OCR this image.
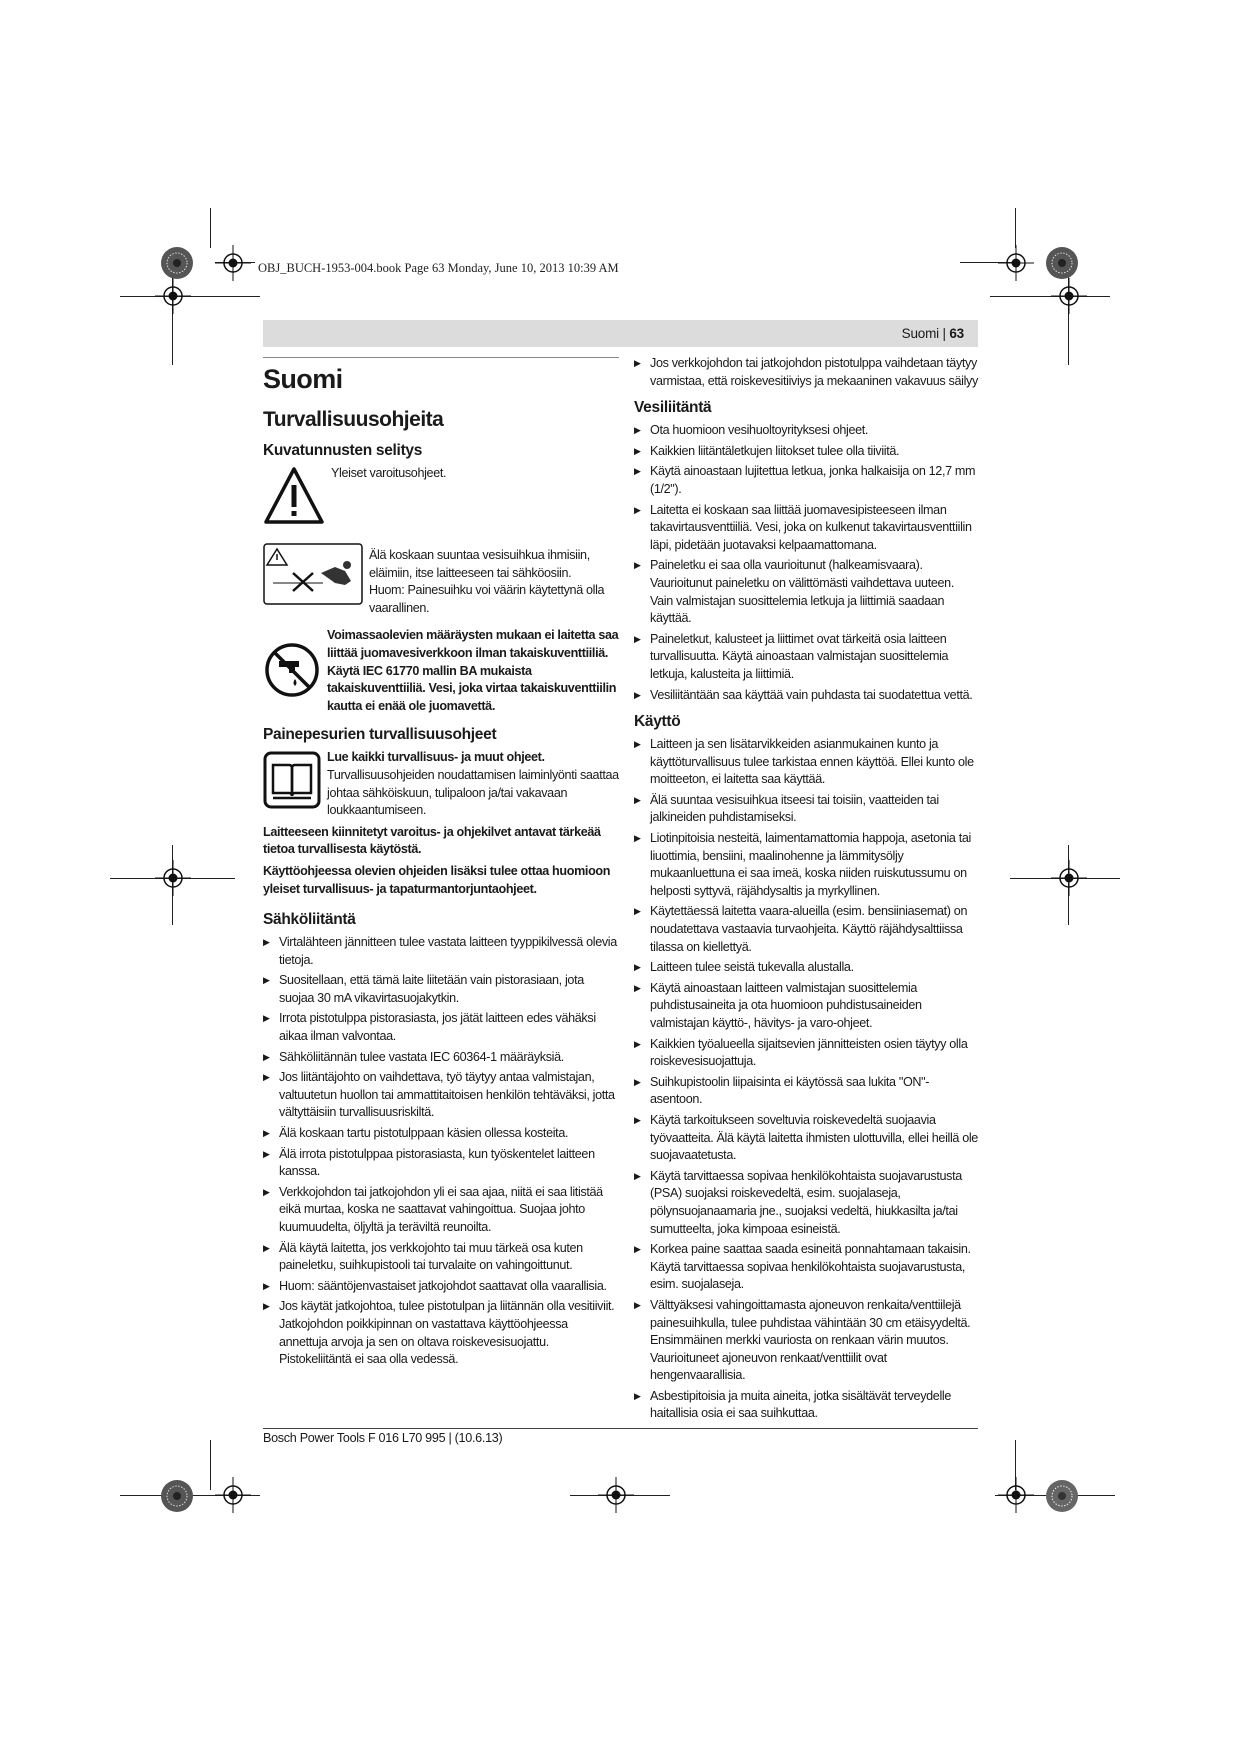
OBJ_BUCH-1953-004.book Page 63 Monday, June 10, 2013 10:39 AM
Suomi | 63
Suomi
Turvallisuusohjeita
Kuvatunnusten selitys

Yleiset varoitusohjeet.

Älä koskaan suuntaa vesisuihkua ihmisiin, eläimiin, itse laitteeseen tai sähköosiin.

Huom: Painesuihku voi väärin käytettynä olla vaarallinen.

Voimassaolevien määräysten mukaan ei laitetta saa liittää juomavesiverkkoon ilman takaiskuventtiiliä. Käytä IEC 61770 mallin BA mukaista takaiskuventtiiliä. Vesi, joka virtaa takaiskuventtiilin kautta ei enää ole juomavettä.

Painepesurien turvallisuusohjeet

Lue kaikki turvallisuus- ja muut ohjeet. Turvallisuusohjeiden noudattamisen laiminlyönti saattaa johtaa sähköiskuun, tulipaloon ja/tai vakavaan loukkaantumiseen.

Laitteeseen kiinnitetyt varoitus- ja ohjekilvet antavat tärkeää tietoa turvallisesta käytöstä.

Käyttöohjeessa olevien ohjeiden lisäksi tulee ottaa huomioon yleiset turvallisuus- ja tapaturmantorjuntaohjeet.

Sähköliitäntä
▶ Virtalähteen jännitteen tulee vastata laitteen tyyppikilvessä olevia tietoja.
▶ Suositellaan, että tämä laite liitetään vain pistorasiaan, jota suojaa 30 mA vikavirtasuojakytkin.
▶ Irrota pistotulppa pistorasiasta, jos jätät laitteen edes vähäksi aikaa ilman valvontaa.
▶ Sähköliitännän tulee vastata IEC 60364-1 määräyksiä.
▶ Jos liitäntäjohto on vaihdettava, työ täytyy antaa valmistajan, valtuutetun huollon tai ammattitaitoisen henkilön tehtäväksi, jotta vältyttäisiin turvallisuusriskiltä.
▶ Älä koskaan tartu pistotulppaan käsien ollessa kosteita.
▶ Älä irrota pistotulppaa pistorasiasta, kun työskentelet laitteen kanssa.
▶ Verkkojohdon tai jatkojohdon yli ei saa ajaa, niitä ei saa litistää eikä murtaa, koska ne saattavat vahingoittua. Suojaa johto kuumuudelta, öljyltä ja teräviltä reunoilta.
▶ Älä käytä laitetta, jos verkkojohto tai muu tärkeä osa kuten paineletku, suihkupistooli tai turvalaite on vahingoittunut.
▶ Huom: sääntöjenvastaiset jatkojohdot saattavat olla vaarallisia.
▶ Jos käytät jatkojohtoa, tulee pistotulpan ja liitännän olla vesitiiviit. Jatkojohdon poikkipinnan on vastattava käyttöohjeessa annettuja arvoja ja sen on oltava roiskevesisuojattu. Pistokeliitäntä ei saa olla vedessä.
▶ Jos verkkojohdon tai jatkojohdon pistotulppa vaihdetaan täytyy varmistaa, että roiskevesitiiviys ja mekaaninen vakavuus säilyy
Vesiliitäntä
▶ Ota huomioon vesihuoltoyrityksesi ohjeet.
▶ Kaikkien liitäntäletkujen liitokset tulee olla tiiviitä.
▶ Käytä ainoastaan lujitettua letkua, jonka halkaisija on 12,7 mm (1/2").
▶ Laitetta ei koskaan saa liittää juomavesipisteeseen ilman takavirtausventtiiliä. Vesi, joka on kulkenut takavirtausventtiilin läpi, pidetään juotavaksi kelpaamattomana.
▶ Paineletku ei saa olla vaurioitunut (halkeamisvaara). Vaurioitunut paineletku on välittömästi vaihdettava uuteen. Vain valmistajan suosittelemia letkuja ja liittimiä saadaan käyttää.
▶ Paineletkut, kalusteet ja liittimet ovat tärkeitä osia laitteen turvallisuutta. Käytä ainoastaan valmistajan suosittelemia letkuja, kalusteita ja liittimiä.
▶ Vesiliitäntään saa käyttää vain puhdasta tai suodatettua vettä.
Käyttö
▶ Laitteen ja sen lisätarvikkeiden asianmukainen kunto ja käyttöturvallisuus tulee tarkistaa ennen käyttöä. Ellei kunto ole moitteeton, ei laitetta saa käyttää.
▶ Älä suuntaa vesisuihkua itseesi tai toisiin, vaatteiden tai jalkineiden puhdistamiseksi.
▶ Liotinpitoisia nesteitä, laimentamattomia happoja, asetonia tai liuottimia, bensiini, maalinohenne ja lämmitysöljy mukaanluettuna ei saa imeä, koska niiden ruiskutussumu on helposti syttyvä, räjähdysaltis ja myrkyllinen.
▶ Käytettäessä laitetta vaara-alueilla (esim. bensiiniasemat) on noudatettava vastaavia turvaohjeita. Käyttö räjähdysalttiissa tilassa on kiellettyä.
▶ Laitteen tulee seistä tukevalla alustalla.
▶ Käytä ainoastaan laitteen valmistajan suosittelemia puhdistusaineita ja ota huomioon puhdistusaineiden valmistajan käyttö-, hävitys- ja varo-ohjeet.
▶ Kaikkien työalueella sijaitsevien jännitteisten osien täytyy olla roiskevesisuojattuja.
▶ Suihkupistoolin liipaisinta ei käytössä saa lukita "ON"-asentoon.
▶ Käytä tarkoitukseen soveltuvia roiskevedeltä suojaavia työvaatteita. Älä käytä laitetta ihmisten ulottuvilla, ellei heillä ole suojavaatetusta.
▶ Käytä tarvittaessa sopivaa henkilökohtaista suojavarustusta (PSA) suojaksi roiskevedeltä, esim. suojalaseja, pölynsuojanaamaria jne., suojaksi vedeltä, hiukkasilta ja/tai sumutteelta, joka kimpoaa esineistä.
▶ Korkea paine saattaa saada esineitä ponnahtamaan takaisin. Käytä tarvittaessa sopivaa henkilökohtaista suojavarustusta, esim. suojalaseja.
▶ Välttyäksesi vahingoittamasta ajoneuvon renkaita/venttiilejä painesuihkulla, tulee puhdistaa vähintään 30 cm etäisyydeltä. Ensimmäinen merkki vauriosta on renkaan värin muutos. Vaurioituneet ajoneuvon renkaat/venttiilit ovat hengenvaarallisia.
▶ Asbestipitoisia ja muita aineita, jotka sisältävät terveydelle haitallisia osia ei saa suihkuttaa.
Bosch Power Tools F 016 L70 995 | (10.6.13)
